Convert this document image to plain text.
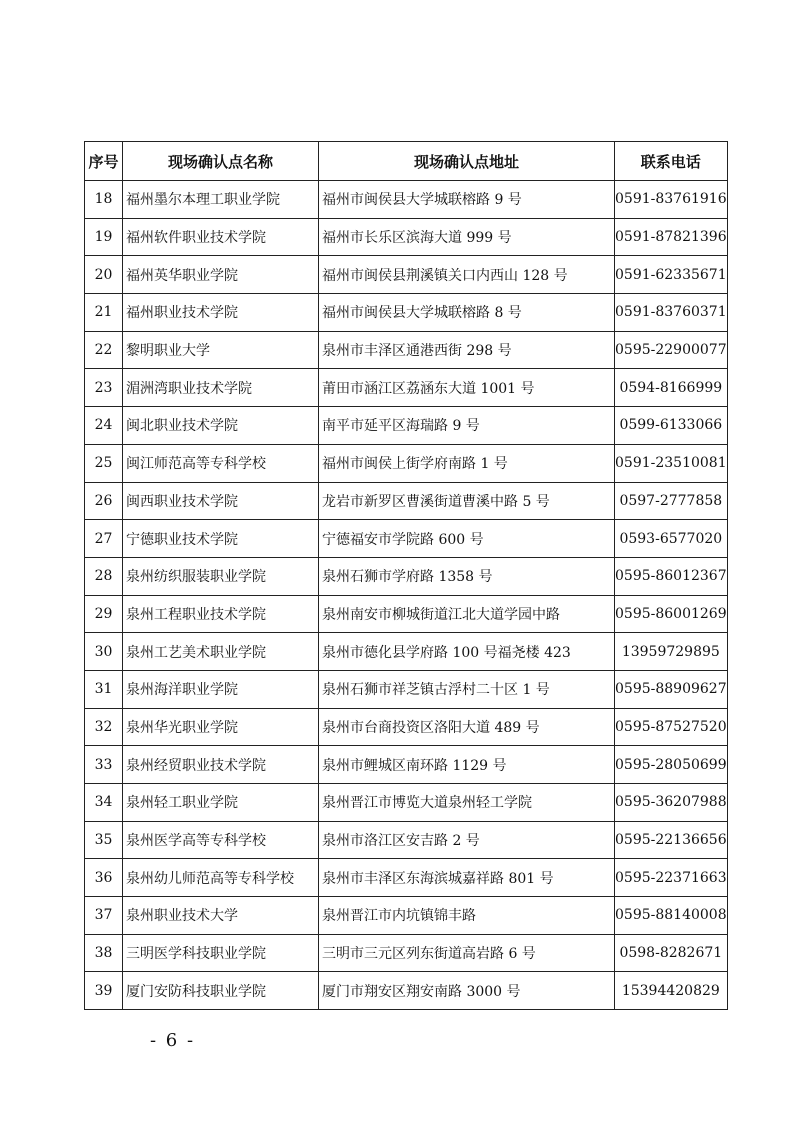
序号	现场确认点名称	现场确认点地址	联系电话
18	福州墨尔本理工职业学院	福州市闽侯县大学城联榕路 9 号	0591-83761916
19	福州软件职业技术学院	福州市长乐区滨海大道 999 号	0591-87821396
20	福州英华职业学院	福州市闽侯县荆溪镇关口内西山 128 号	0591-62335671
21	福州职业技术学院	福州市闽侯县大学城联榕路 8 号	0591-83760371
22	黎明职业大学	泉州市丰泽区通港西街 298 号	0595-22900077
23	湄洲湾职业技术学院	莆田市涵江区荔涵东大道 1001 号	0594-8166999
24	闽北职业技术学院	南平市延平区海瑞路 9 号	0599-6133066
25	闽江师范高等专科学校	福州市闽侯上街学府南路 1 号	0591-23510081
26	闽西职业技术学院	龙岩市新罗区曹溪街道曹溪中路 5 号	0597-2777858
27	宁德职业技术学院	宁德福安市学院路 600 号	0593-6577020
28	泉州纺织服装职业学院	泉州石狮市学府路 1358 号	0595-86012367
29	泉州工程职业技术学院	泉州南安市柳城街道江北大道学园中路	0595-86001269
30	泉州工艺美术职业学院	泉州市德化县学府路 100 号福尧楼 423	13959729895
31	泉州海洋职业学院	泉州石狮市祥芝镇古浮村二十区 1 号	0595-88909627
32	泉州华光职业学院	泉州市台商投资区洛阳大道 489 号	0595-87527520
33	泉州经贸职业技术学院	泉州市鲤城区南环路 1129 号	0595-28050699
34	泉州轻工职业学院	泉州晋江市博览大道泉州轻工学院	0595-36207988
35	泉州医学高等专科学校	泉州市洛江区安吉路 2 号	0595-22136656
36	泉州幼儿师范高等专科学校	泉州市丰泽区东海滨城嘉祥路 801 号	0595-22371663
37	泉州职业技术大学	泉州晋江市内坑镇锦丰路	0595-88140008
38	三明医学科技职业学院	三明市三元区列东街道高岩路 6 号	0598-8282671
39	厦门安防科技职业学院	厦门市翔安区翔安南路 3000 号	15394420829
- 6 -
